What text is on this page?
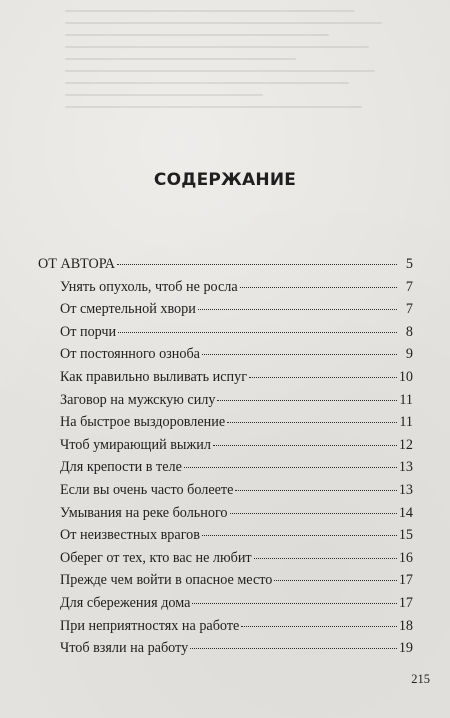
СОДЕРЖАНИЕ
ОТ АВТОРА	5
Унять опухоль, чтоб не росла	7
От смертельной хвори	7
От порчи	8
От постоянного озноба	9
Как правильно выливать испуг	10
Заговор на мужскую силу	11
На быстрое выздоровление	11
Чтоб умирающий выжил	12
Для крепости в теле	13
Если вы очень часто болеете	13
Умывания на реке больного	14
От неизвестных врагов	15
Оберег от тех, кто вас не любит	16
Прежде чем войти в опасное место	17
Для сбережения дома	17
При неприятностях на работе	18
Чтоб взяли на работу	19
215
